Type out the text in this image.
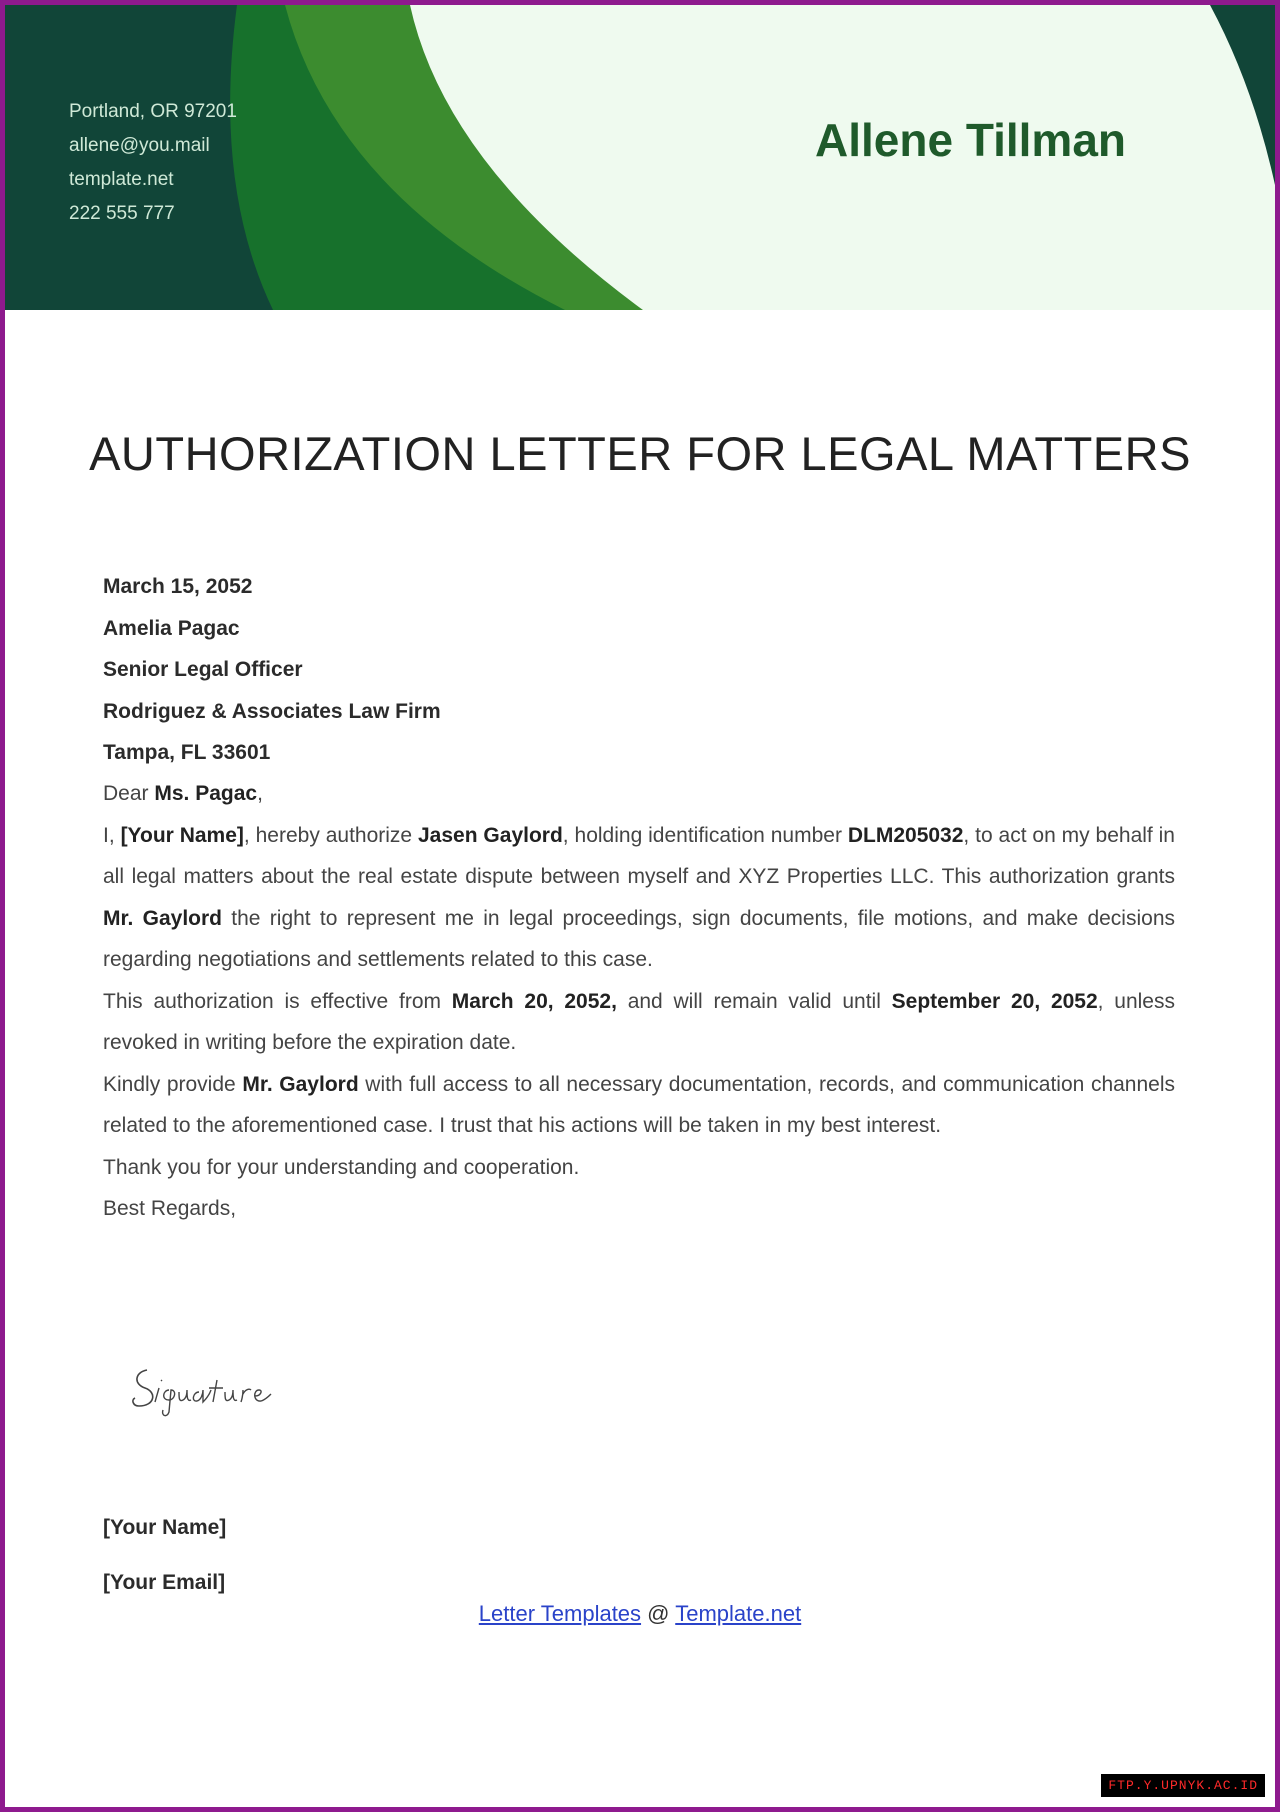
Portland, OR 97201
allene@you.mail
template.net
222 555 777
Allene Tillman
AUTHORIZATION LETTER FOR LEGAL MATTERS
March 15, 2052
Amelia Pagac
Senior Legal Officer
Rodriguez & Associates Law Firm
Tampa, FL 33601

Dear Ms. Pagac,

I, [Your Name], hereby authorize Jasen Gaylord, holding identification number DLM205032, to act on my behalf in all legal matters about the real estate dispute between myself and XYZ Properties LLC. This authorization grants Mr. Gaylord the right to represent me in legal proceedings, sign documents, file motions, and make decisions regarding negotiations and settlements related to this case.

This authorization is effective from March 20, 2052, and will remain valid until September 20, 2052, unless revoked in writing before the expiration date.

Kindly provide Mr. Gaylord with full access to all necessary documentation, records, and communication channels related to the aforementioned case. I trust that his actions will be taken in my best interest.

Thank you for your understanding and cooperation.

Best Regards,

[Your Name]
[Your Email]
Letter Templates @ Template.net
FTP.Y.UPNYK.AC.ID
